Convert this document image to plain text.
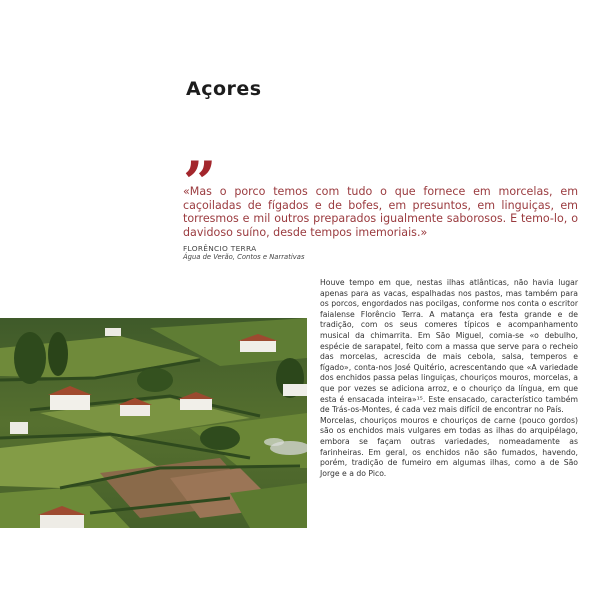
Açores
”
«Mas o porco temos com tudo o que fornece em morcelas, em caçoiladas de fígados e de bofes, em presuntos, em linguiças, em torresmos e mil outros preparados igualmente saborosos. E temo-lo, o davidoso suíno, desde tempos imemoriais.»
FLORÊNCIO TERRA
Água de Verão, Contos e Narrativas

Houve tempo em que, nestas ilhas atlânticas, não havia lugar apenas para as vacas, espalhadas nos pastos, mas também para os porcos, engordados nas pocilgas, conforme nos conta o escritor faialense Florêncio Terra. A matança era festa grande e de tradição, com os seus comeres típicos e acompanhamento musical da chimarrita. Em São Miguel, comia-se «o debulho, espécie de sarapatel, feito com a massa que serve para o recheio das morcelas, acrescida de mais cebola, salsa, temperos e fígado», conta-nos José Quitério, acrescentando que «A variedade dos enchidos passa pelas linguiças, chouriços mouros, morcelas, a que por vezes se adiciona arroz, e o chouriço da língua, em que esta é ensacada inteira»¹⁵. Este ensacado, característico também de Trás-os-Montes, é cada vez mais difícil de encontrar no País.

Morcelas, chouriços mouros e chouriços de carne (pouco gordos) são os enchidos mais vulgares em todas as ilhas do arquipélago, embora se façam outras variedades, nomeadamente as farinheiras. Em geral, os enchidos não são fumados, havendo, porém, tradição de fumeiro em algumas ilhas, como a de São Jorge e a do Pico.
